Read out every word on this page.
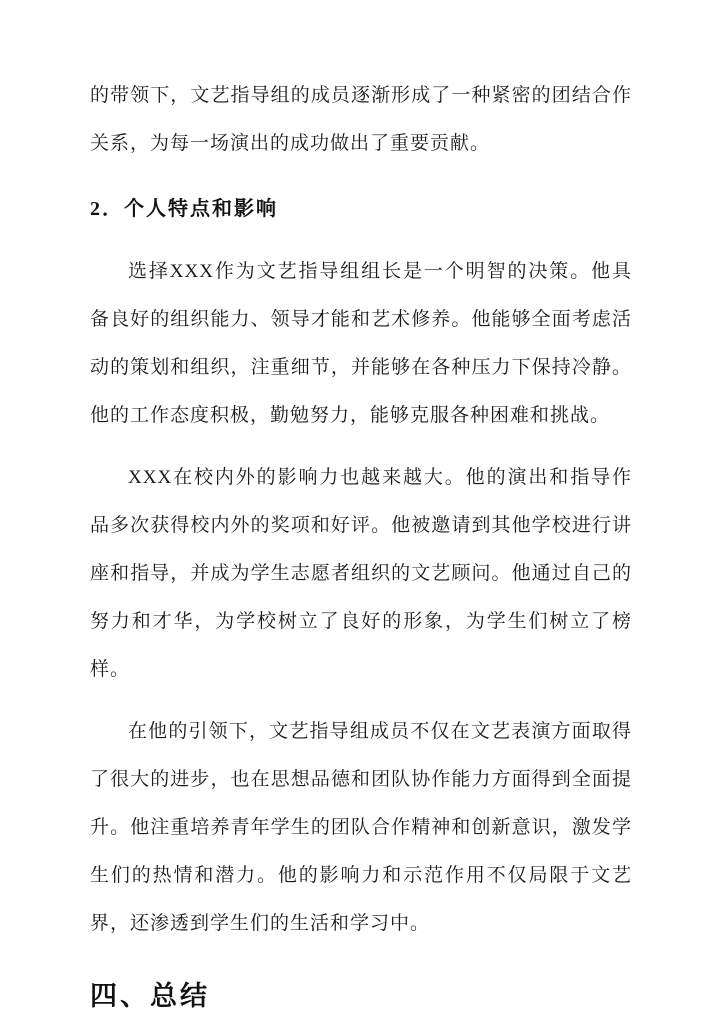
的带领下，文艺指导组的成员逐渐形成了一种紧密的团结合作关系，为每一场演出的成功做出了重要贡献。

2．个人特点和影响

选择XXX作为文艺指导组组长是一个明智的决策。他具备良好的组织能力、领导才能和艺术修养。他能够全面考虑活动的策划和组织，注重细节，并能够在各种压力下保持冷静。他的工作态度积极，勤勉努力，能够克服各种困难和挑战。

XXX在校内外的影响力也越来越大。他的演出和指导作品多次获得校内外的奖项和好评。他被邀请到其他学校进行讲座和指导，并成为学生志愿者组织的文艺顾问。他通过自己的努力和才华，为学校树立了良好的形象，为学生们树立了榜样。

在他的引领下，文艺指导组成员不仅在文艺表演方面取得了很大的进步，也在思想品德和团队协作能力方面得到全面提升。他注重培养青年学生的团队合作精神和创新意识，激发学生们的热情和潜力。他的影响力和示范作用不仅局限于文艺界，还渗透到学生们的生活和学习中。

四、总结
